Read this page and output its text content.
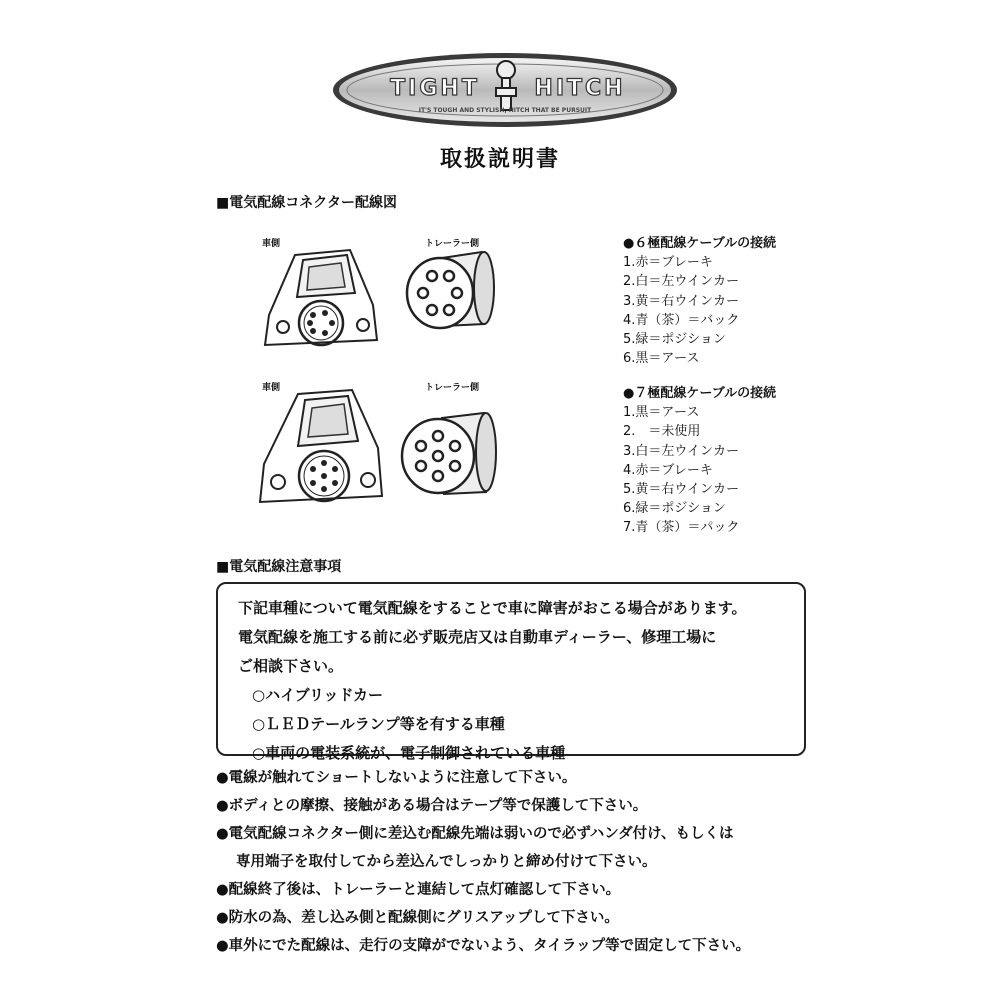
TIGHT HITCH
IT'S TOUGH AND STYLISH, HITCH THAT BE PURSUIT
取扱説明書
■電気配線コネクター配線図
車側	トレーラー側
車側	トレーラー側
●６極配線ケーブルの接続
1.赤＝ブレーキ
2.白＝左ウインカー
3.黄＝右ウインカー
4.青（茶）＝バック
5.緑＝ポジション
6.黒＝アース
●７極配線ケーブルの接続
1.黒＝アース
2.　＝未使用
3.白＝左ウインカー
4.赤＝ブレーキ
5.黄＝右ウインカー
6.緑＝ポジション
7.青（茶）＝パック
■電気配線注意事項
下記車種について電気配線をすることで車に障害がおこる場合があります。
電気配線を施工する前に必ず販売店又は自動車ディーラー、修理工場に
ご相談下さい。
○ハイブリッドカー
○ＬＥＤテールランプ等を有する車種
○車両の電装系統が、電子制御されている車種
●電線が触れてショートしないように注意して下さい。
●ボディとの摩擦、接触がある場合はテープ等で保護して下さい。
●電気配線コネクター側に差込む配線先端は弱いので必ずハンダ付け、もしくは
専用端子を取付してから差込んでしっかりと締め付けて下さい。
●配線終了後は、トレーラーと連結して点灯確認して下さい。
●防水の為、差し込み側と配線側にグリスアップして下さい。
●車外にでた配線は、走行の支障がでないよう、タイラップ等で固定して下さい。
